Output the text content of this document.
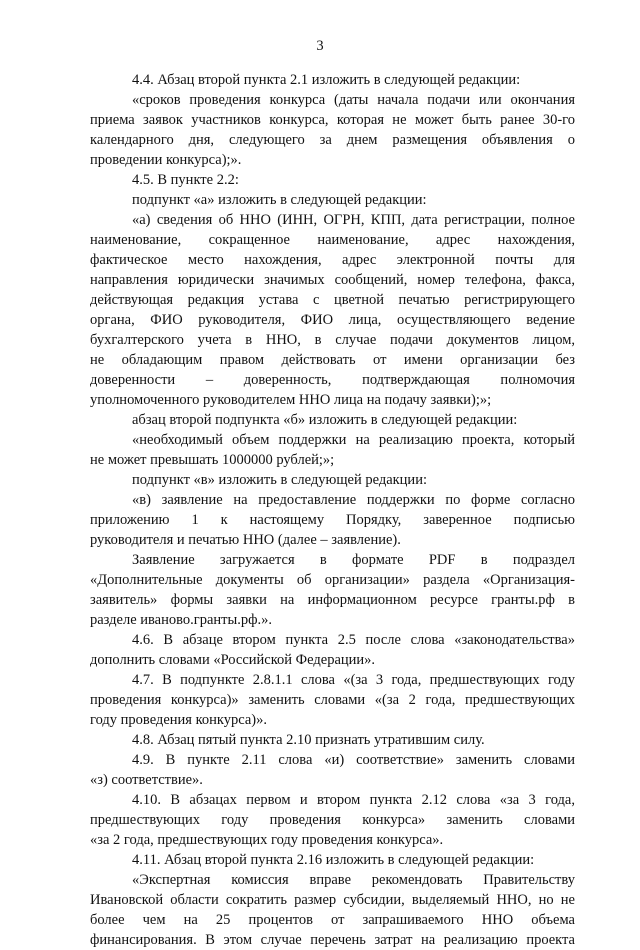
3
4.4. Абзац второй пункта 2.1 изложить в следующей редакции:
«сроков проведения конкурса (даты начала подачи или окончания
приема заявок участников конкурса, которая не может быть ранее 30-го
календарного дня, следующего за днем размещения объявления о
проведении конкурса);».
4.5. В пункте 2.2:
подпункт «а» изложить в следующей редакции:
«а) сведения об ННО (ИНН, ОГРН, КПП, дата регистрации, полное
наименование, сокращенное наименование, адрес нахождения,
фактическое место нахождения, адрес электронной почты для
направления юридически значимых сообщений, номер телефона, факса,
действующая редакция устава с цветной печатью регистрирующего
органа, ФИО руководителя, ФИО лица, осуществляющего ведение
бухгалтерского учета в ННО, в случае подачи документов лицом,
не обладающим правом действовать от имени организации без
доверенности – доверенность, подтверждающая полномочия
уполномоченного руководителем ННО лица на подачу заявки);»;
абзац второй подпункта «б» изложить в следующей редакции:
«необходимый объем поддержки на реализацию проекта, который
не может превышать 1000000 рублей;»;
подпункт «в» изложить в следующей редакции:
«в) заявление на предоставление поддержки по форме согласно
приложению 1 к настоящему Порядку, заверенное подписью
руководителя и печатью ННО (далее – заявление).
Заявление загружается в формате PDF в подраздел
«Дополнительные документы об организации» раздела «Организация-
заявитель» формы заявки на информационном ресурсе гранты.рф в
разделе иваново.гранты.рф.».
4.6. В абзаце втором пункта 2.5 после слова «законодательства»
дополнить словами «Российской Федерации».
4.7. В подпункте 2.8.1.1 слова «(за 3 года, предшествующих году
проведения конкурса)» заменить словами «(за 2 года, предшествующих
году проведения конкурса)».
4.8. Абзац пятый пункта 2.10 признать утратившим силу.
4.9. В пункте 2.11 слова «и) соответствие» заменить словами
«з) соответствие».
4.10. В абзацах первом и втором пункта 2.12 слова «за 3 года,
предшествующих году проведения конкурса» заменить словами
«за 2 года, предшествующих году проведения конкурса».
4.11. Абзац второй пункта 2.16 изложить в следующей редакции:
«Экспертная комиссия вправе рекомендовать Правительству
Ивановской области сократить размер субсидии, выделяемый ННО, но не
более чем на 25 процентов от запрашиваемого ННО объема
финансирования. В этом случае перечень затрат на реализацию проекта
